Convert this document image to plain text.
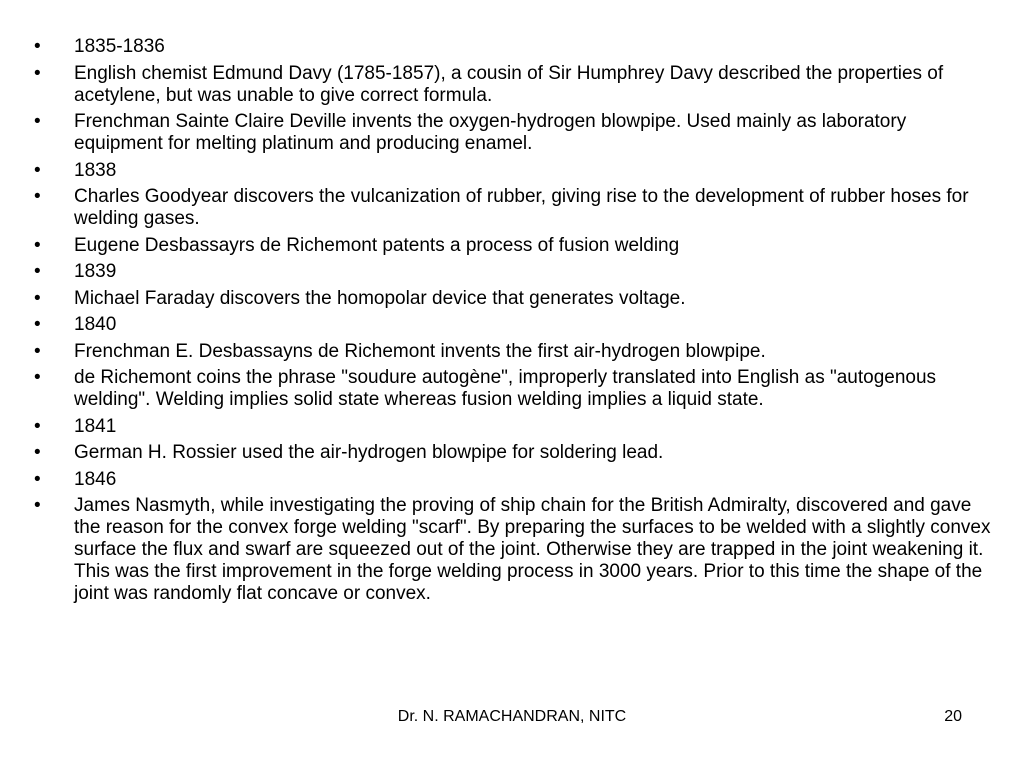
•	1835-1836
•	English chemist Edmund Davy (1785-1857), a cousin of Sir Humphrey Davy described the properties of acetylene, but was unable to give correct formula.
•	Frenchman Sainte Claire Deville invents the oxygen-hydrogen blowpipe. Used mainly as laboratory equipment for melting platinum and producing enamel.
•	1838
•	Charles Goodyear discovers the vulcanization of rubber, giving rise to the development of rubber hoses for welding gases.
•	Eugene Desbassayrs de Richemont patents a process of fusion welding
•	1839
•	Michael Faraday discovers the homopolar device that generates voltage.
•	1840
•	Frenchman E. Desbassayns de Richemont invents the first air-hydrogen blowpipe.
•	de Richemont coins the phrase "soudure autogène", improperly translated into English as "autogenous welding". Welding implies solid state whereas fusion welding implies a liquid state.
•	1841
•	German H. Rossier used the air-hydrogen blowpipe for soldering lead.
•	1846
•	James Nasmyth, while investigating the proving of ship chain for the British Admiralty, discovered and gave the reason for the convex forge welding "scarf". By preparing the surfaces to be welded with a slightly convex surface the flux and swarf are squeezed out of the joint. Otherwise they are trapped in the joint weakening it. This was the first improvement in the forge welding process in 3000 years. Prior to this time the shape of the joint was randomly flat concave or convex.
Dr. N. RAMACHANDRAN, NITC	20
